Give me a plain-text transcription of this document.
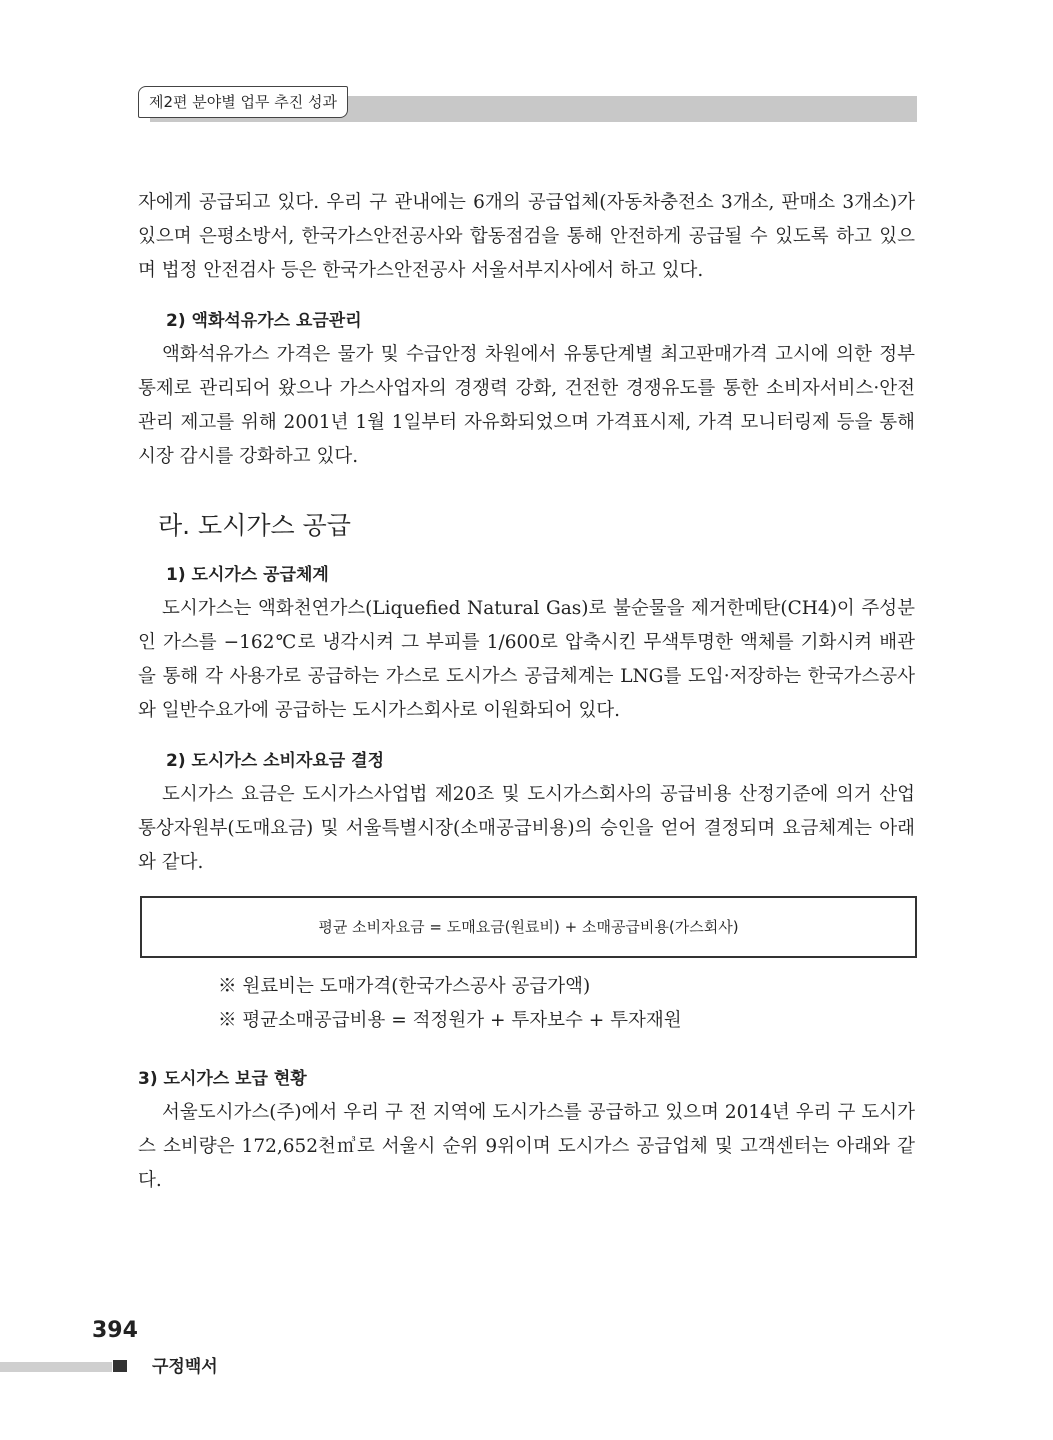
제2편 분야별 업무 추진 성과

자에게 공급되고 있다. 우리 구 관내에는 6개의 공급업체(자동차충전소 3개소, 판매소 3개소)가 있으며 은평소방서, 한국가스안전공사와 합동점검을 통해 안전하게 공급될 수 있도록 하고 있으며 법정 안전검사 등은 한국가스안전공사 서울서부지사에서 하고 있다.

2) 액화석유가스 요금관리

액화석유가스 가격은 물가 및 수급안정 차원에서 유통단계별 최고판매가격 고시에 의한 정부 통제로 관리되어 왔으나 가스사업자의 경쟁력 강화, 건전한 경쟁유도를 통한 소비자서비스·안전관리 제고를 위해 2001년 1월 1일부터 자유화되었으며 가격표시제, 가격 모니터링제 등을 통해 시장 감시를 강화하고 있다.

라. 도시가스 공급
1) 도시가스 공급체계

도시가스는 액화천연가스(Liquefied Natural Gas)로 불순물을 제거한메탄(CH4)이 주성분인 가스를 −162℃로 냉각시켜 그 부피를 1/600로 압축시킨 무색투명한 액체를 기화시켜 배관을 통해 각 사용가로 공급하는 가스로 도시가스 공급체계는 LNG를 도입·저장하는 한국가스공사와 일반수요가에 공급하는 도시가스회사로 이원화되어 있다.

2) 도시가스 소비자요금 결정

도시가스 요금은 도시가스사업법 제20조 및 도시가스회사의 공급비용 산정기준에 의거 산업통상자원부(도매요금) 및 서울특별시장(소매공급비용)의 승인을 얻어 결정되며 요금체계는 아래와 같다.

평균 소비자요금 = 도매요금(원료비) + 소매공급비용(가스회사)

※ 원료비는 도매가격(한국가스공사 공급가액)

※ 평균소매공급비용 = 적정원가 + 투자보수 + 투자재원

3) 도시가스 보급 현황

서울도시가스(주)에서 우리 구 전 지역에 도시가스를 공급하고 있으며 2014년 우리 구 도시가스 소비량은 172,652천㎥로 서울시 순위 9위이며 도시가스 공급업체 및 고객센터는 아래와 같다.

394
구정백서
